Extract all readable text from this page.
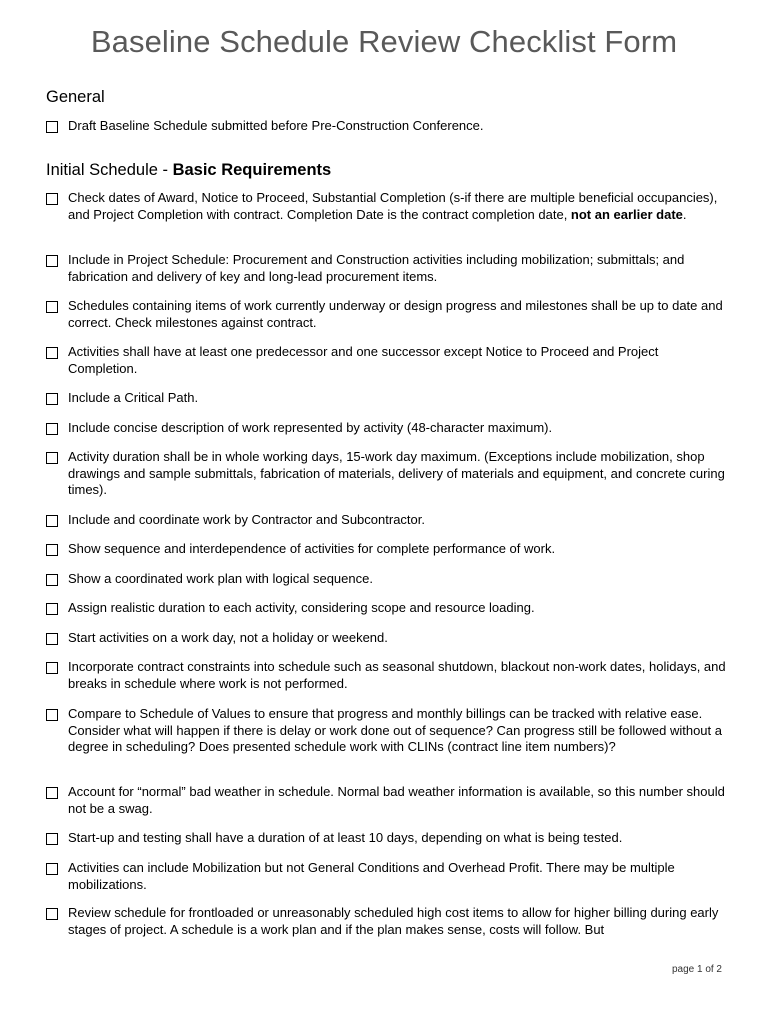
Baseline Schedule Review Checklist Form
General
Draft Baseline Schedule submitted before Pre-Construction Conference.
Initial Schedule - Basic Requirements
Check dates of Award, Notice to Proceed, Substantial Completion (s-if there are multiple beneficial occupancies), and Project Completion with contract. Completion Date is the contract completion date, not an earlier date.
Include in Project Schedule: Procurement and Construction activities including mobilization; submittals; and fabrication and delivery of key and long-lead procurement items.
Schedules containing items of work currently underway or design progress and milestones shall be up to date and correct. Check milestones against contract.
Activities shall have at least one predecessor and one successor except Notice to Proceed and Project Completion.
Include a Critical Path.
Include concise description of work represented by activity (48-character maximum).
Activity duration shall be in whole working days, 15-work day maximum. (Exceptions include mobilization, shop drawings and sample submittals, fabrication of materials, delivery of materials and equipment, and concrete curing times).
Include and coordinate work by Contractor and Subcontractor.
Show sequence and interdependence of activities for complete performance of work.
Show a coordinated work plan with logical sequence.
Assign realistic duration to each activity, considering scope and resource loading.
Start activities on a work day, not a holiday or weekend.
Incorporate contract constraints into schedule such as seasonal shutdown, blackout non-work dates, holidays, and breaks in schedule where work is not performed.
Compare to Schedule of Values to ensure that progress and monthly billings can be tracked with relative ease. Consider what will happen if there is delay or work done out of sequence? Can progress still be followed without a degree in scheduling? Does presented schedule work with CLINs (contract line item numbers)?
Account for “normal” bad weather in schedule. Normal bad weather information is available, so this number should not be a swag.
Start-up and testing shall have a duration of at least 10 days, depending on what is being tested.
Activities can include Mobilization but not General Conditions and Overhead Profit. There may be multiple mobilizations.
Review schedule for frontloaded or unreasonably scheduled high cost items to allow for higher billing during early stages of project. A schedule is a work plan and if the plan makes sense, costs will follow. But
page 1 of 2
